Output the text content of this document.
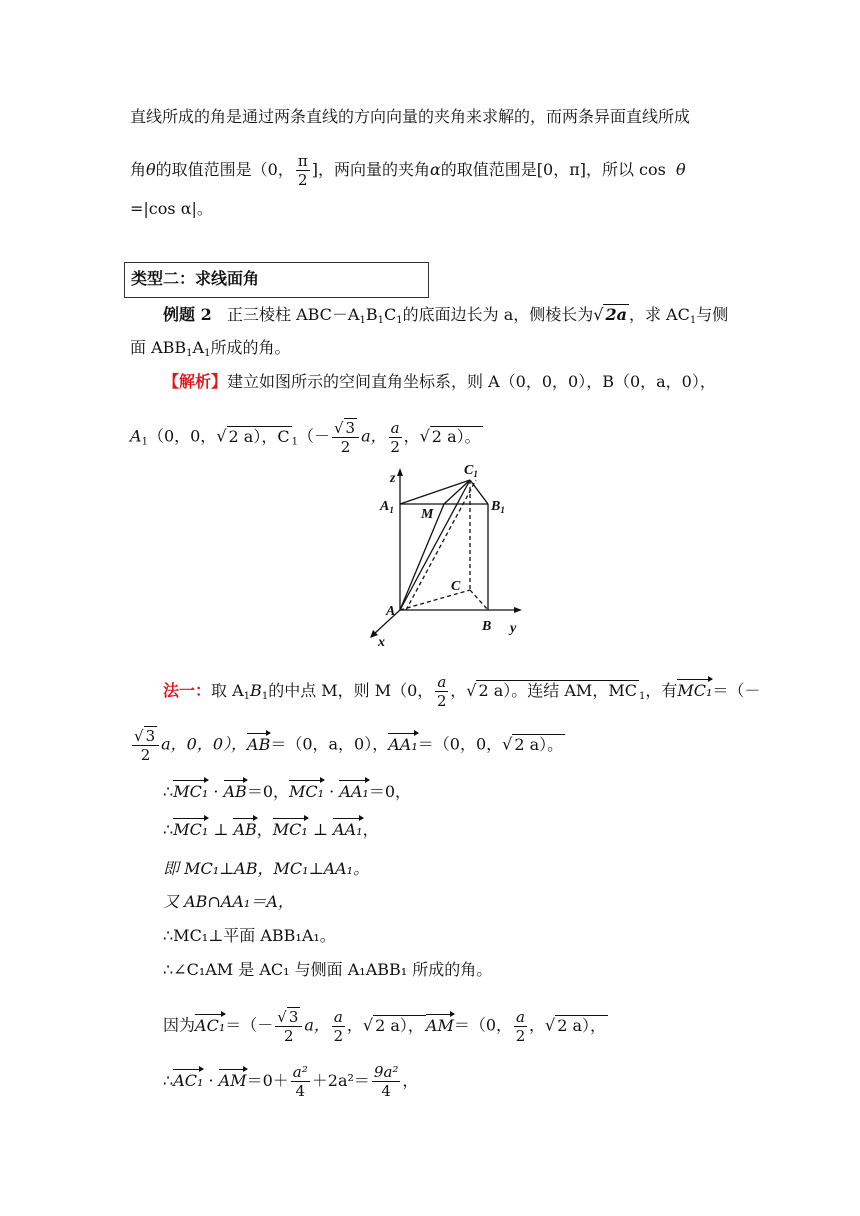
直线所成的角是通过两条直线的方向向量的夹角来求解的，而两条异面直线所成
角θ的取值范围是（0， $\frac{\pi}{2}$ ]，两向量的夹角α的取值范围是[0，π]，所以 cos θ
=|cos α|。
类型二：求线面角
例题 2 正三棱柱 $ABC-A_1B_1C_1$的底面边长为 a，侧棱长为√ 2a ，求 $AC_1$与侧
面 $ABB_1A_1$所成的角。
【解析】建立如图所示的空间直角坐标系，则 A（0，0，0），B（0，a，0），
$A_1(0$，0，√ 2 a），C $_1(- \frac{√ 3}{2}$ a， $\frac{a}{2}$ ，√ 2 a）。
z
$C_1$
$A_1$ M
$B_1$
C
A
B y
x
法一：取 $A_1B_1$的中点 M，则 M（0， $\frac{a}{2}$ ，√ 2 a）。连结 AM，MC $_1$，有MC₁＝（－
$\frac{√ 3}{2}$ a，0，0），AB＝（0，a，0），AA₁＝（0，0，√ 2 a）。
∴MC₁ · AB＝0，MC₁ · AA₁＝0，
∴MC₁ ⊥ AB，MC₁ ⊥ AA₁，
即 MC₁⊥AB，MC₁⊥AA₁。
又 AB∩AA₁＝A，
∴MC₁⊥平面 ABB₁A₁。
∴∠C₁AM 是 AC₁ 与侧面 A₁ABB₁ 所成的角。
因为$AC_1=(- \frac{√ 3}{2}$ a， $\frac{a}{2}$ ，√ 2 a）， AM＝（0， $\frac{a}{2}$ ，√ 2 a），
∴AC₁ · $AM=0+ \frac{\text{a²}}{4} +2a^2= \frac{\text{9a²}}{4}$ ，
